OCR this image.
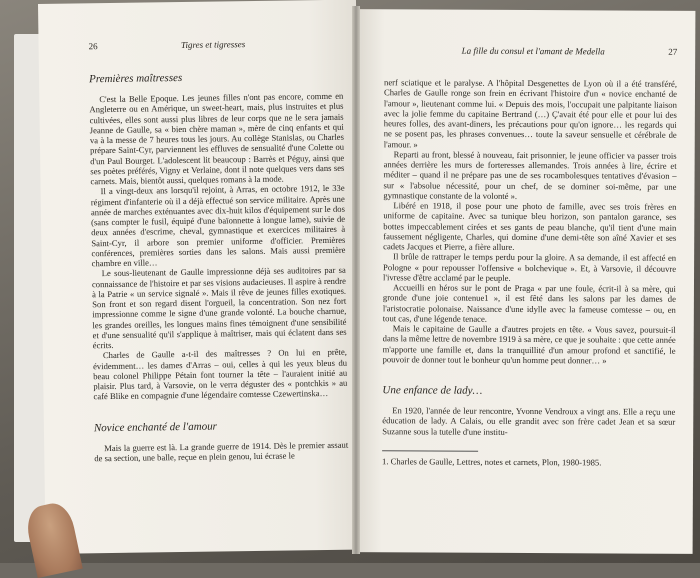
26	Tigres et tigresses
Premières maîtresses

C'est la Belle Epoque. Les jeunes filles n'ont pas encore, comme en Angleterre ou en Amérique, un sweet-heart, mais, plus instruites et plus cultivées, elles sont aussi plus libres de leur corps que ne le sera jamais Jeanne de Gaulle, sa « bien chère maman », mère de cinq enfants et qui va à la messe de 7 heures tous les jours. Au collège Stanislas, ou Charles prépare Saint-Cyr, parviennent les effluves de sensualité d'une Colette ou d'un Paul Bourget. L'adolescent lit beaucoup : Barrès et Péguy, ainsi que ses poètes préférés, Vigny et Verlaine, dont il note quelques vers dans ses carnets. Mais, bientôt aussi, quelques romans à la mode.

Il a vingt-deux ans lorsqu'il rejoint, à Arras, en octobre 1912, le 33e régiment d'infanterie où il a déjà effectué son service militaire. Après une année de marches exténuantes avec dix-huit kilos d'équipement sur le dos (sans compter le fusil, équipé d'une baïonnette à longue lame), suivie de deux années d'escrime, cheval, gymnastique et exercices militaires à Saint-Cyr, il arbore son premier uniforme d'officier. Premières conférences, premières sorties dans les salons. Mais aussi première chambre en ville…

Le sous-lieutenant de Gaulle impressionne déjà ses auditoires par sa connaissance de l'histoire et par ses visions audacieuses. Il aspire à rendre à la Patrie « un service signalé ». Mais il rêve de jeunes filles exotiques. Son front et son regard disent l'orgueil, la concentration. Son nez fort impressionne comme le signe d'une grande volonté. La bouche charnue, les grandes oreilles, les longues mains fines témoignent d'une sensibilité et d'une sensualité qu'il s'applique à maîtriser, mais qui éclatent dans ses écrits.

Charles de Gaulle a-t-il des maîtresses ? On lui en prête, évidemment… les dames d'Arras – oui, celles à qui les yeux bleus du beau colonel Philippe Pétain font tourner la tête – l'auraient initié au plaisir. Plus tard, à Varsovie, on le verra déguster des « pontchkis » au café Blike en compagnie d'une légendaire comtesse Czewertinska…

Novice enchanté de l'amour

Mais la guerre est là. La grande guerre de 1914. Dès le premier assaut de sa section, une balle, reçue en plein genou, lui écrase le

La fille du consul et l'amant de Medella	27

nerf sciatique et le paralyse. A l'hôpital Desgenettes de Lyon où il a été transféré, Charles de Gaulle ronge son frein en écrivant l'histoire d'un « novice enchanté de l'amour », lieutenant comme lui. « Depuis des mois, l'occupait une palpitante liaison avec la jolie femme du capitaine Bertrand (…) Ç'avait été pour elle et pour lui des heures folles, des avant-diners, les précautions pour qu'on ignore… les regards qui ne se posent pas, les phrases convenues… toute la saveur sensuelle et cérébrale de l'amour. »

Reparti au front, blessé à nouveau, fait prisonnier, le jeune officier va passer trois années derrière les murs de forteresses allemandes. Trois années à lire, écrire et méditer – quand il ne prépare pas une de ses rocambolesques tentatives d'évasion – sur « l'absolue nécessité, pour un chef, de se dominer soi-même, par une gymnastique constante de la volonté ».

Libéré en 1918, il pose pour une photo de famille, avec ses trois frères en uniforme de capitaine. Avec sa tunique bleu horizon, son pantalon garance, ses bottes impeccablement cirées et ses gants de peau blanche, qu'il tient d'une main faussement négligente, Charles, qui domine d'une demi-tête son aîné Xavier et ses cadets Jacques et Pierre, a fière allure.

Il brûle de rattraper le temps perdu pour la gloire. A sa demande, il est affecté en Pologne « pour repousser l'offensive « bolchevique ». Et, à Varsovie, il découvre l'ivresse d'être acclamé par le peuple.

Accueilli en héros sur le pont de Praga « par une foule, écrit-il à sa mère, qui gronde d'une joie contenue1 », il est fêté dans les salons par les dames de l'aristocratie polonaise. Naissance d'une idylle avec la fameuse comtesse – ou, en tout cas, d'une légende tenace.

Mais le capitaine de Gaulle a d'autres projets en tête. « Vous savez, poursuit-il dans la même lettre de novembre 1919 à sa mère, ce que je souhaite : que cette année m'apporte une famille et, dans la tranquillité d'un amour profond et sanctifié, le pouvoir de donner tout le bonheur qu'un homme peut donner… »

Une enfance de lady…

En 1920, l'année de leur rencontre, Yvonne Vendroux a vingt ans. Elle a reçu une éducation de lady. A Calais, ou elle grandit avec son frère cadet Jean et sa sœur Suzanne sous la tutelle d'une institu-

1. Charles de Gaulle, Lettres, notes et carnets, Plon, 1980-1985.
